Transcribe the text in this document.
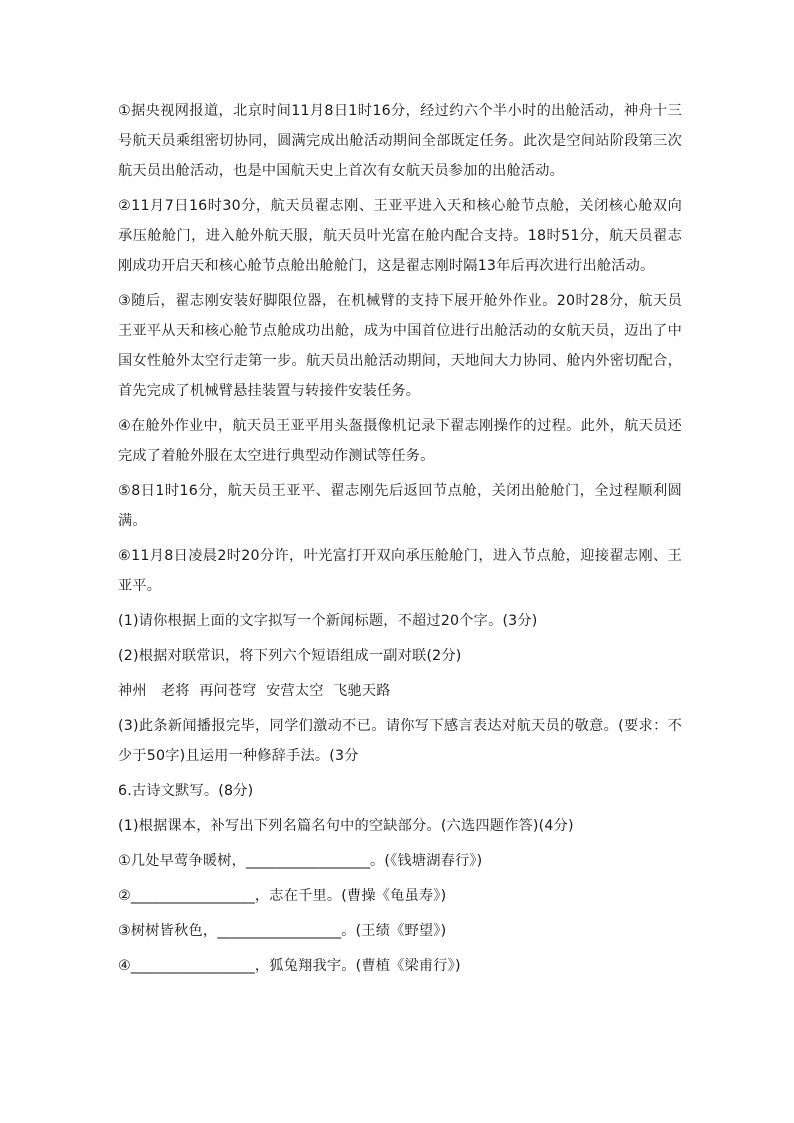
①据央视网报道，北京时间11月8日1时16分，经过约六个半小时的出舱活动，神舟十三号航天员乘组密切协同，圆满完成出舱活动期间全部既定任务。此次是空间站阶段第三次航天员出舱活动，也是中国航天史上首次有女航天员参加的出舱活动。

②11月7日16时30分，航天员翟志刚、王亚平进入天和核心舱节点舱，关闭核心舱双向承压舱舱门，进入舱外航天服，航天员叶光富在舱内配合支持。18时51分，航天员翟志刚成功开启天和核心舱节点舱出舱舱门，这是翟志刚时隔13年后再次进行出舱活动。

③随后，翟志刚安装好脚限位器，在机械臂的支持下展开舱外作业。20时28分，航天员王亚平从天和核心舱节点舱成功出舱，成为中国首位进行出舱活动的女航天员，迈出了中国女性舱外太空行走第一步。航天员出舱活动期间，天地间大力协同、舱内外密切配合，首先完成了机械臂悬挂装置与转接件安装任务。

④在舱外作业中，航天员王亚平用头盔摄像机记录下翟志刚操作的过程。此外，航天员还完成了着舱外服在太空进行典型动作测试等任务。

⑤8日1时16分，航天员王亚平、翟志刚先后返回节点舱，关闭出舱舱门，全过程顺利圆满。

⑥11月8日凌晨2时20分许，叶光富打开双向承压舱舱门，进入节点舱，迎接翟志刚、王亚平。

(1)请你根据上面的文字拟写一个新闻标题，不超过20个字。(3分)

(2)根据对联常识，将下列六个短语组成一副对联(2分)

神州   老将  再问苍穹  安营太空  飞驰天路

(3)此条新闻播报完毕，同学们激动不已。请你写下感言表达对航天员的敬意。(要求：不少于50字)且运用一种修辞手法。(3分

6.古诗文默写。(8分)

(1)根据课本，补写出下列名篇名句中的空缺部分。(六选四题作答)(4分)

①几处早莺争暖树，_________________。(《钱塘湖春行》)

②_________________，志在千里。(曹操《龟虽寿》)

③树树皆秋色，_________________。(王绩《野望》)

④_________________，狐兔翔我宇。(曹植《梁甫行》)
